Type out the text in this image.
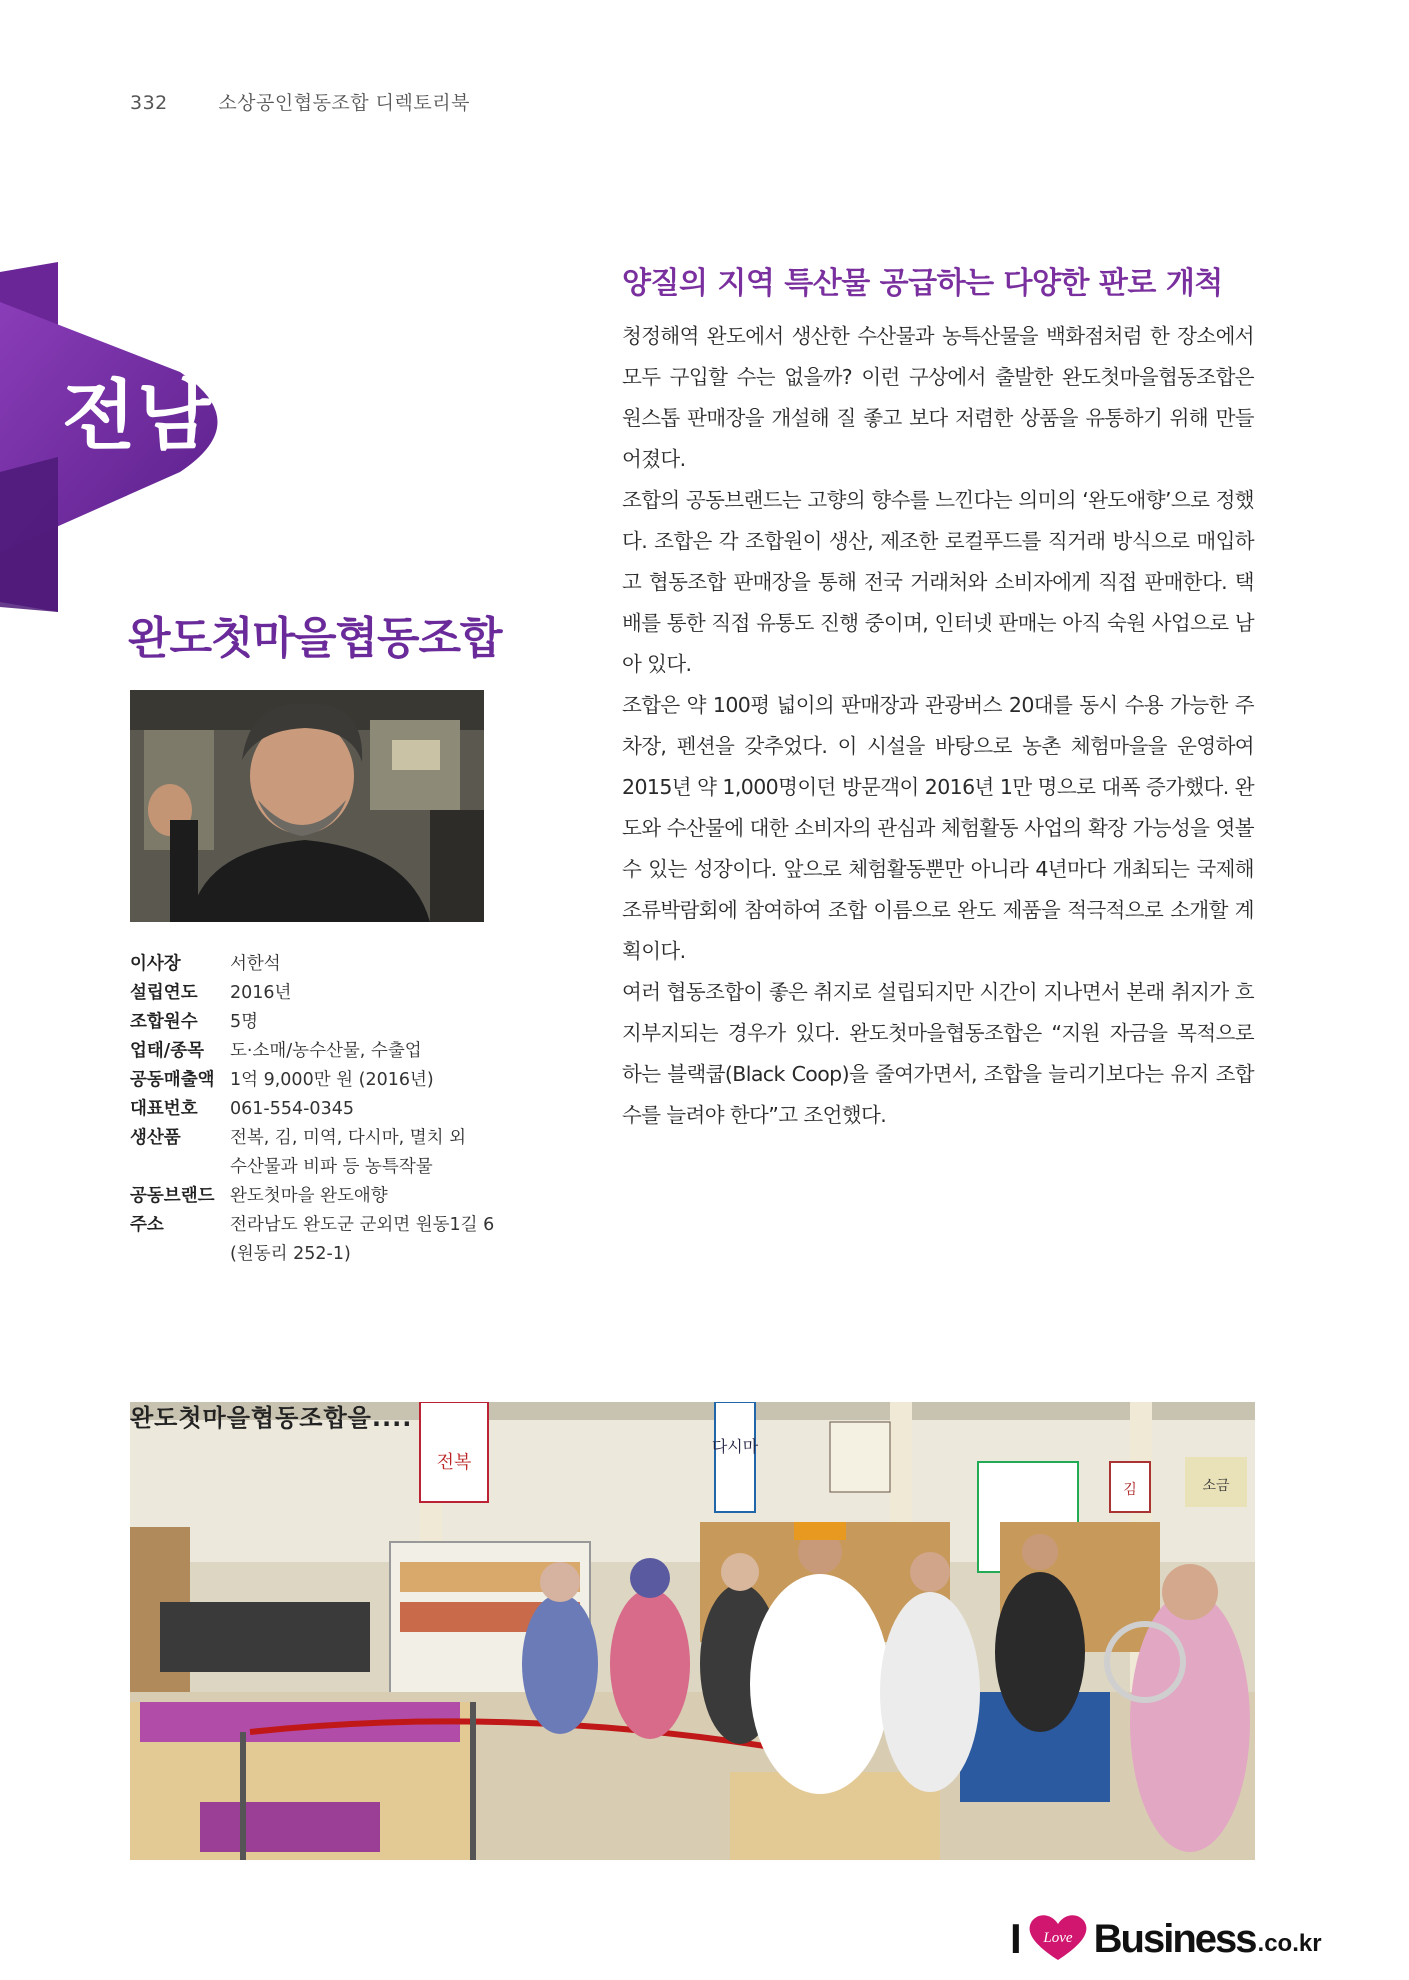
332	소상공인협동조합 디렉토리북
전남
완도첫마을협동조합
이사장	서한석
설립연도	2016년
조합원수	5명
업태/종목	도·소매/농수산물, 수출업
공동매출액 1억 9,000만 원 (2016년)
대표번호	061-554-0345
생산품	전복, 김, 미역, 다시마, 멸치 외
수산물과 비파 등 농특작물
공동브랜드 완도첫마을 완도애향
주소	전라남도 완도군 군외면 원동1길 6
(원동리 252-1)
양질의 지역 특산물 공급하는 다양한 판로 개척

청정해역 완도에서 생산한 수산물과 농특산물을 백화점처럼 한 장소에서 모두 구입할 수는 없을까? 이런 구상에서 출발한 완도첫마을협동조합은 원스톱 판매장을 개설해 질 좋고 보다 저렴한 상품을 유통하기 위해 만들어졌다.

조합의 공동브랜드는 고향의 향수를 느낀다는 의미의 ‘완도애향’으로 정했다. 조합은 각 조합원이 생산, 제조한 로컬푸드를 직거래 방식으로 매입하고 협동조합 판매장을 통해 전국 거래처와 소비자에게 직접 판매한다. 택배를 통한 직접 유통도 진행 중이며, 인터넷 판매는 아직 숙원 사업으로 남아 있다.

조합은 약 100평 넓이의 판매장과 관광버스 20대를 동시 수용 가능한 주차장, 펜션을 갖추었다. 이 시설을 바탕으로 농촌 체험마을을 운영하여 2015년 약 1,000명이던 방문객이 2016년 1만 명으로 대폭 증가했다. 완도와 수산물에 대한 소비자의 관심과 체험활동 사업의 확장 가능성을 엿볼 수 있는 성장이다. 앞으로 체험활동뿐만 아니라 4년마다 개최되는 국제해조류박람회에 참여하여 조합 이름으로 완도 제품을 적극적으로 소개할 계획이다.

여러 협동조합이 좋은 취지로 설립되지만 시간이 지나면서 본래 취지가 흐지부지되는 경우가 있다. 완도첫마을협동조합은 “지원 자금을 목적으로 하는 블랙쿱(Black Coop)을 줄여가면서, 조합을 늘리기보다는 유지 조합 수를 늘려야 한다”고 조언했다.

전복
다시마
김	소금
완도첫마을협동조합을....
I Love Business .co.kr
